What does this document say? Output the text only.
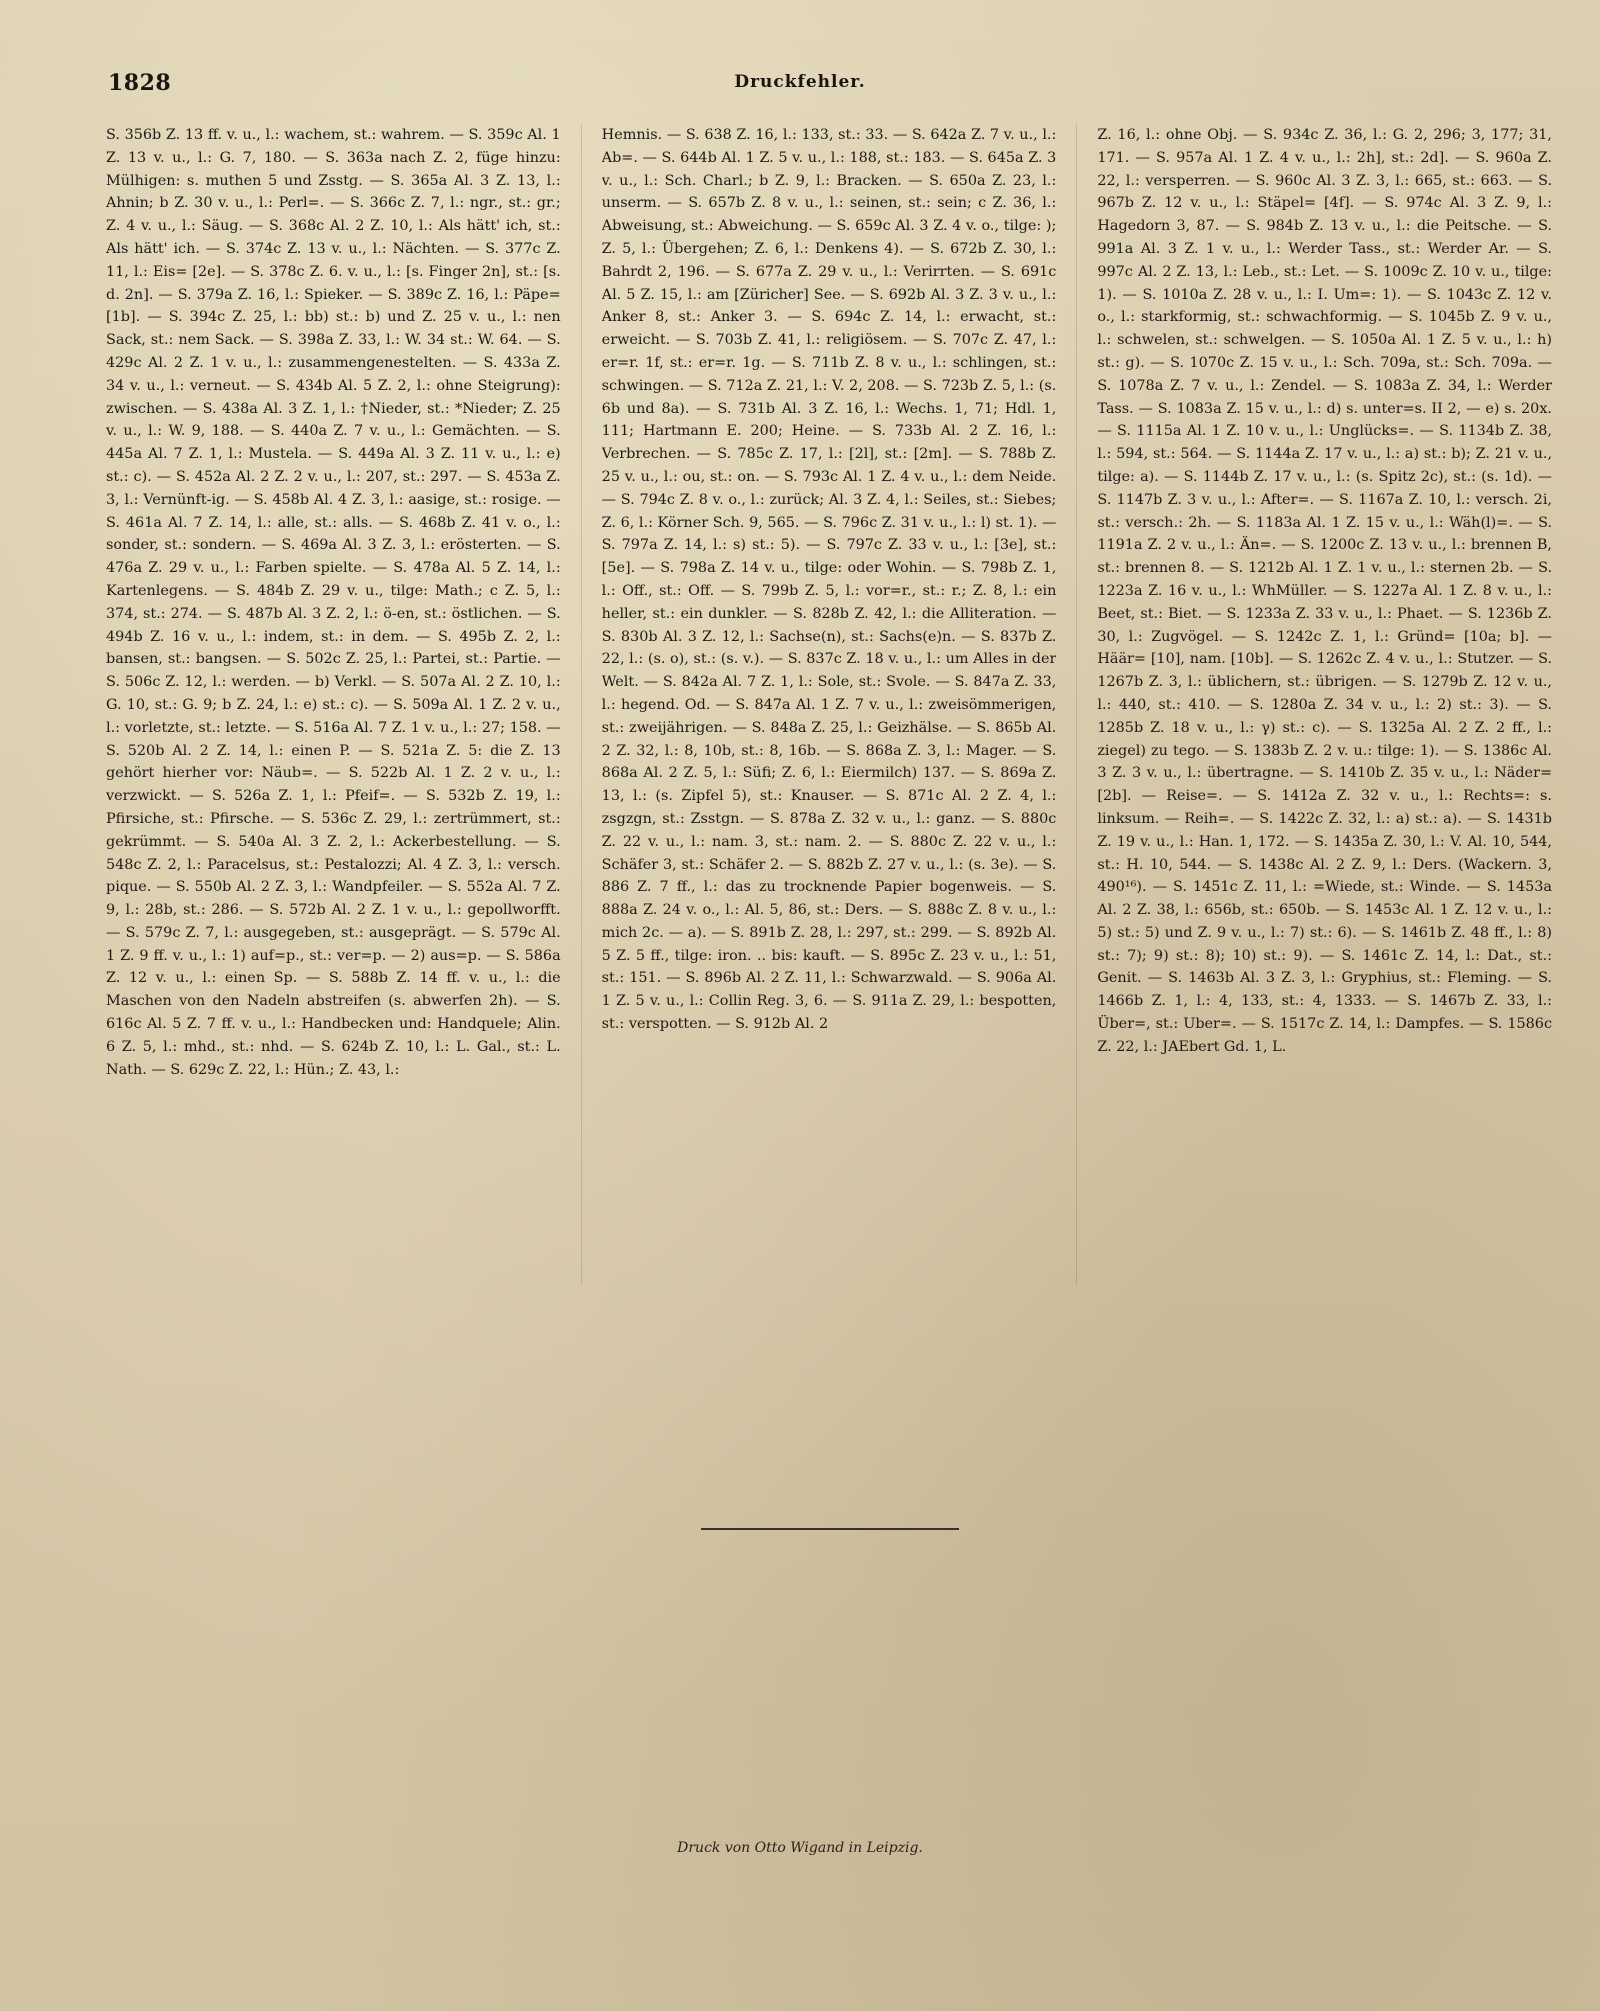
1828	Druckfehler.
S. 356b Z. 13 ff. v. u., l.: wachem, st.: wahrem. — S. 359c Al. 1 Z. 13 v. u., l.: G. 7, 180. — S. 363a nach Z. 2, füge hinzu: Mülhigen: s. muthen 5 und Zsstg. — S. 365a Al. 3 Z. 13, l.: Ahnin; b Z. 30 v. u., l.: Perl=. — S. 366c Z. 7, l.: ngr., st.: gr.; Z. 4 v. u., l.: Säug. — S. 368c Al. 2 Z. 10, l.: Als hätt' ich, st.: Als hätt' ich. — S. 374c Z. 13 v. u., l.: Nächten. — S. 377c Z. 11, l.: Eis= [2e]. — S. 378c Z. 6. v. u., l.: [s. Finger 2n], st.: [s. d. 2n]. — S. 379a Z. 16, l.: Spieker. — S. 389c Z. 16, l.: Päpe= [1b]. — S. 394c Z. 25, l.: bb) st.: b) und Z. 25 v. u., l.: nen Sack, st.: nem Sack. — S. 398a Z. 33, l.: W. 34 st.: W. 64. — S. 429c Al. 2 Z. 1 v. u., l.: zusammengenestelten. — S. 433a Z. 34 v. u., l.: verneut. — S. 434b Al. 5 Z. 2, l.: ohne Steigrung): zwischen. — S. 438a Al. 3 Z. 1, l.: †Nieder, st.: *Nieder; Z. 25 v. u., l.: W. 9, 188. — S. 440a Z. 7 v. u., l.: Gemächten. — S. 445a Al. 7 Z. 1, l.: Mustela. — S. 449a Al. 3 Z. 11 v. u., l.: e) st.: c). — S. 452a Al. 2 Z. 2 v. u., l.: 207, st.: 297. — S. 453a Z. 3, l.: Vernünft-ig. — S. 458b Al. 4 Z. 3, l.: aasige, st.: rosige. — S. 461a Al. 7 Z. 14, l.: alle, st.: alls. — S. 468b Z. 41 v. o., l.: sonder, st.: sondern. — S. 469a Al. 3 Z. 3, l.: erösterten. — S. 476a Z. 29 v. u., l.: Farben spielte. — S. 478a Al. 5 Z. 14, l.: Kartenlegens. — S. 484b Z. 29 v. u., tilge: Math.; c Z. 5, l.: 374, st.: 274. — S. 487b Al. 3 Z. 2, l.: ö-en, st.: östlichen. — S. 494b Z. 16 v. u., l.: indem, st.: in dem. — S. 495b Z. 2, l.: bansen, st.: bangsen. — S. 502c Z. 25, l.: Partei, st.: Partie. — S. 506c Z. 12, l.: werden. — b) Verkl. — S. 507a Al. 2 Z. 10, l.: G. 10, st.: G. 9; b Z. 24, l.: e) st.: c). — S. 509a Al. 1 Z. 2 v. u., l.: vorletzte, st.: letzte. — S. 516a Al. 7 Z. 1 v. u., l.: 27; 158. — S. 520b Al. 2 Z. 14, l.: einen P. — S. 521a Z. 5: die Z. 13 gehört hierher vor: Näub=. — S. 522b Al. 1 Z. 2 v. u., l.: verzwickt. — S. 526a Z. 1, l.: Pfeif=. — S. 532b Z. 19, l.: Pfirsiche, st.: Pfirsche. — S. 536c Z. 29, l.: zertrümmert, st.: gekrümmt. — S. 540a Al. 3 Z. 2, l.: Ackerbestellung. — S. 548c Z. 2, l.: Paracelsus, st.: Pestalozzi; Al. 4 Z. 3, l.: versch. pique. — S. 550b Al. 2 Z. 3, l.: Wandpfeiler. — S. 552a Al. 7 Z. 9, l.: 28b, st.: 286. — S. 572b Al. 2 Z. 1 v. u., l.: gepollworfft. — S. 579c Z. 7, l.: ausgegeben, st.: ausgeprägt. — S. 579c Al. 1 Z. 9 ff. v. u., l.: 1) auf=p., st.: ver=p. — 2) aus=p. — S. 586a Z. 12 v. u., l.: einen Sp. — S. 588b Z. 14 ff. v. u., l.: die Maschen von den Nadeln abstreifen (s. abwerfen 2h). — S. 616c Al. 5 Z. 7 ff. v. u., l.: Handbecken und: Handquele; Alin. 6 Z. 5, l.: mhd., st.: nhd. — S. 624b Z. 10, l.: L. Gal., st.: L. Nath. — S. 629c Z. 22, l.: Hün.; Z. 43, l.:
Hemnis. — S. 638 Z. 16, l.: 133, st.: 33. — S. 642a Z. 7 v. u., l.: Ab=. — S. 644b Al. 1 Z. 5 v. u., l.: 188, st.: 183. — S. 645a Z. 3 v. u., l.: Sch. Charl.; b Z. 9, l.: Bracken. — S. 650a Z. 23, l.: unserm. — S. 657b Z. 8 v. u., l.: seinen, st.: sein; c Z. 36, l.: Abweisung, st.: Abweichung. — S. 659c Al. 3 Z. 4 v. o., tilge: ); Z. 5, l.: Übergehen; Z. 6, l.: Denkens 4). — S. 672b Z. 30, l.: Bahrdt 2, 196. — S. 677a Z. 29 v. u., l.: Verirrten. — S. 691c Al. 5 Z. 15, l.: am [Züricher] See. — S. 692b Al. 3 Z. 3 v. u., l.: Anker 8, st.: Anker 3. — S. 694c Z. 14, l.: erwacht, st.: erweicht. — S. 703b Z. 41, l.: religiösem. — S. 707c Z. 47, l.: er=r. 1f, st.: er=r. 1g. — S. 711b Z. 8 v. u., l.: schlingen, st.: schwingen. — S. 712a Z. 21, l.: V. 2, 208. — S. 723b Z. 5, l.: (s. 6b und 8a). — S. 731b Al. 3 Z. 16, l.: Wechs. 1, 71; Hdl. 1, 111; Hartmann E. 200; Heine. — S. 733b Al. 2 Z. 16, l.: Verbrechen. — S. 785c Z. 17, l.: [2l], st.: [2m]. — S. 788b Z. 25 v. u., l.: ou, st.: on. — S. 793c Al. 1 Z. 4 v. u., l.: dem Neide. — S. 794c Z. 8 v. o., l.: zurück; Al. 3 Z. 4, l.: Seiles, st.: Siebes; Z. 6, l.: Körner Sch. 9, 565. — S. 796c Z. 31 v. u., l.: l) st. 1). — S. 797a Z. 14, l.: s) st.: 5). — S. 797c Z. 33 v. u., l.: [3e], st.: [5e]. — S. 798a Z. 14 v. u., tilge: oder Wohin. — S. 798b Z. 1, l.: Off., st.: Off. — S. 799b Z. 5, l.: vor=r., st.: r.; Z. 8, l.: ein heller, st.: ein dunkler. — S. 828b Z. 42, l.: die Alliteration. — S. 830b Al. 3 Z. 12, l.: Sachse(n), st.: Sachs(e)n. — S. 837b Z. 22, l.: (s. o), st.: (s. v.). — S. 837c Z. 18 v. u., l.: um Alles in der Welt. — S. 842a Al. 7 Z. 1, l.: Sole, st.: Svole. — S. 847a Z. 33, l.: hegend. Od. — S. 847a Al. 1 Z. 7 v. u., l.: zweisömmerigen, st.: zweijährigen. — S. 848a Z. 25, l.: Geizhälse. — S. 865b Al. 2 Z. 32, l.: 8, 10b, st.: 8, 16b. — S. 868a Z. 3, l.: Mager. — S. 868a Al. 2 Z. 5, l.: Süfi; Z. 6, l.: Eiermilch) 137. — S. 869a Z. 13, l.: (s. Zipfel 5), st.: Knauser. — S. 871c Al. 2 Z. 4, l.: zsgzgn, st.: Zsstgn. — S. 878a Z. 32 v. u., l.: ganz. — S. 880c Z. 22 v. u., l.: nam. 3, st.: nam. 2. — S. 880c Z. 22 v. u., l.: Schäfer 3, st.: Schäfer 2. — S. 882b Z. 27 v. u., l.: (s. 3e). — S. 886 Z. 7 ff., l.: das zu trocknende Papier bogenweis. — S. 888a Z. 24 v. o., l.: Al. 5, 86, st.: Ders. — S. 888c Z. 8 v. u., l.: mich 2c. — a). — S. 891b Z. 28, l.: 297, st.: 299. — S. 892b Al. 5 Z. 5 ff., tilge: iron. .. bis: kauft. — S. 895c Z. 23 v. u., l.: 51, st.: 151. — S. 896b Al. 2 Z. 11, l.: Schwarzwald. — S. 906a Al. 1 Z. 5 v. u., l.: Collin Reg. 3, 6. — S. 911a Z. 29, l.: bespotten, st.: verspotten. — S. 912b Al. 2
Z. 16, l.: ohne Obj. — S. 934c Z. 36, l.: G. 2, 296; 3, 177; 31, 171. — S. 957a Al. 1 Z. 4 v. u., l.: 2h], st.: 2d]. — S. 960a Z. 22, l.: versperren. — S. 960c Al. 3 Z. 3, l.: 665, st.: 663. — S. 967b Z. 12 v. u., l.: Stäpel= [4f]. — S. 974c Al. 3 Z. 9, l.: Hagedorn 3, 87. — S. 984b Z. 13 v. u., l.: die Peitsche. — S. 991a Al. 3 Z. 1 v. u., l.: Werder Tass., st.: Werder Ar. — S. 997c Al. 2 Z. 13, l.: Leb., st.: Let. — S. 1009c Z. 10 v. u., tilge: 1). — S. 1010a Z. 28 v. u., l.: I. Um=: 1). — S. 1043c Z. 12 v. o., l.: starkformig, st.: schwachformig. — S. 1045b Z. 9 v. u., l.: schwelen, st.: schwelgen. — S. 1050a Al. 1 Z. 5 v. u., l.: h) st.: g). — S. 1070c Z. 15 v. u., l.: Sch. 709a, st.: Sch. 709a. — S. 1078a Z. 7 v. u., l.: Zendel. — S. 1083a Z. 34, l.: Werder Tass. — S. 1083a Z. 15 v. u., l.: d) s. unter=s. II 2, — e) s. 20x. — S. 1115a Al. 1 Z. 10 v. u., l.: Unglücks=. — S. 1134b Z. 38, l.: 594, st.: 564. — S. 1144a Z. 17 v. u., l.: a) st.: b); Z. 21 v. u., tilge: a). — S. 1144b Z. 17 v. u., l.: (s. Spitz 2c), st.: (s. 1d). — S. 1147b Z. 3 v. u., l.: After=. — S. 1167a Z. 10, l.: versch. 2i, st.: versch.: 2h. — S. 1183a Al. 1 Z. 15 v. u., l.: Wäh(l)=. — S. 1191a Z. 2 v. u., l.: Än=. — S. 1200c Z. 13 v. u., l.: brennen B, st.: brennen 8. — S. 1212b Al. 1 Z. 1 v. u., l.: sternen 2b. — S. 1223a Z. 16 v. u., l.: WhMüller. — S. 1227a Al. 1 Z. 8 v. u., l.: Beet, st.: Biet. — S. 1233a Z. 33 v. u., l.: Phaet. — S. 1236b Z. 30, l.: Zugvögel. — S. 1242c Z. 1, l.: Gründ= [10a; b]. — Häär= [10], nam. [10b]. — S. 1262c Z. 4 v. u., l.: Stutzer. — S. 1267b Z. 3, l.: üblichern, st.: übrigen. — S. 1279b Z. 12 v. u., l.: 440, st.: 410. — S. 1280a Z. 34 v. u., l.: 2) st.: 3). — S. 1285b Z. 18 v. u., l.: γ) st.: c). — S. 1325a Al. 2 Z. 2 ff., l.: ziegel) zu tego. — S. 1383b Z. 2 v. u.: tilge: 1). — S. 1386c Al. 3 Z. 3 v. u., l.: übertragne. — S. 1410b Z. 35 v. u., l.: Näder= [2b]. — Reise=. — S. 1412a Z. 32 v. u., l.: Rechts=: s. linksum. — Reih=. — S. 1422c Z. 32, l.: a) st.: a). — S. 1431b Z. 19 v. u., l.: Han. 1, 172. — S. 1435a Z. 30, l.: V. Al. 10, 544, st.: H. 10, 544. — S. 1438c Al. 2 Z. 9, l.: Ders. (Wackern. 3, 490¹⁶). — S. 1451c Z. 11, l.: =Wiede, st.: Winde. — S. 1453a Al. 2 Z. 38, l.: 656b, st.: 650b. — S. 1453c Al. 1 Z. 12 v. u., l.: 5) st.: 5) und Z. 9 v. u., l.: 7) st.: 6). — S. 1461b Z. 48 ff., l.: 8) st.: 7); 9) st.: 8); 10) st.: 9). — S. 1461c Z. 14, l.: Dat., st.: Genit. — S. 1463b Al. 3 Z. 3, l.: Gryphius, st.: Fleming. — S. 1466b Z. 1, l.: 4, 133, st.: 4, 1333. — S. 1467b Z. 33, l.: Über=, st.: Uber=. — S. 1517c Z. 14, l.: Dampfes. — S. 1586c Z. 22, l.: JAEbert Gd. 1, L.
Druck von Otto Wigand in Leipzig.
